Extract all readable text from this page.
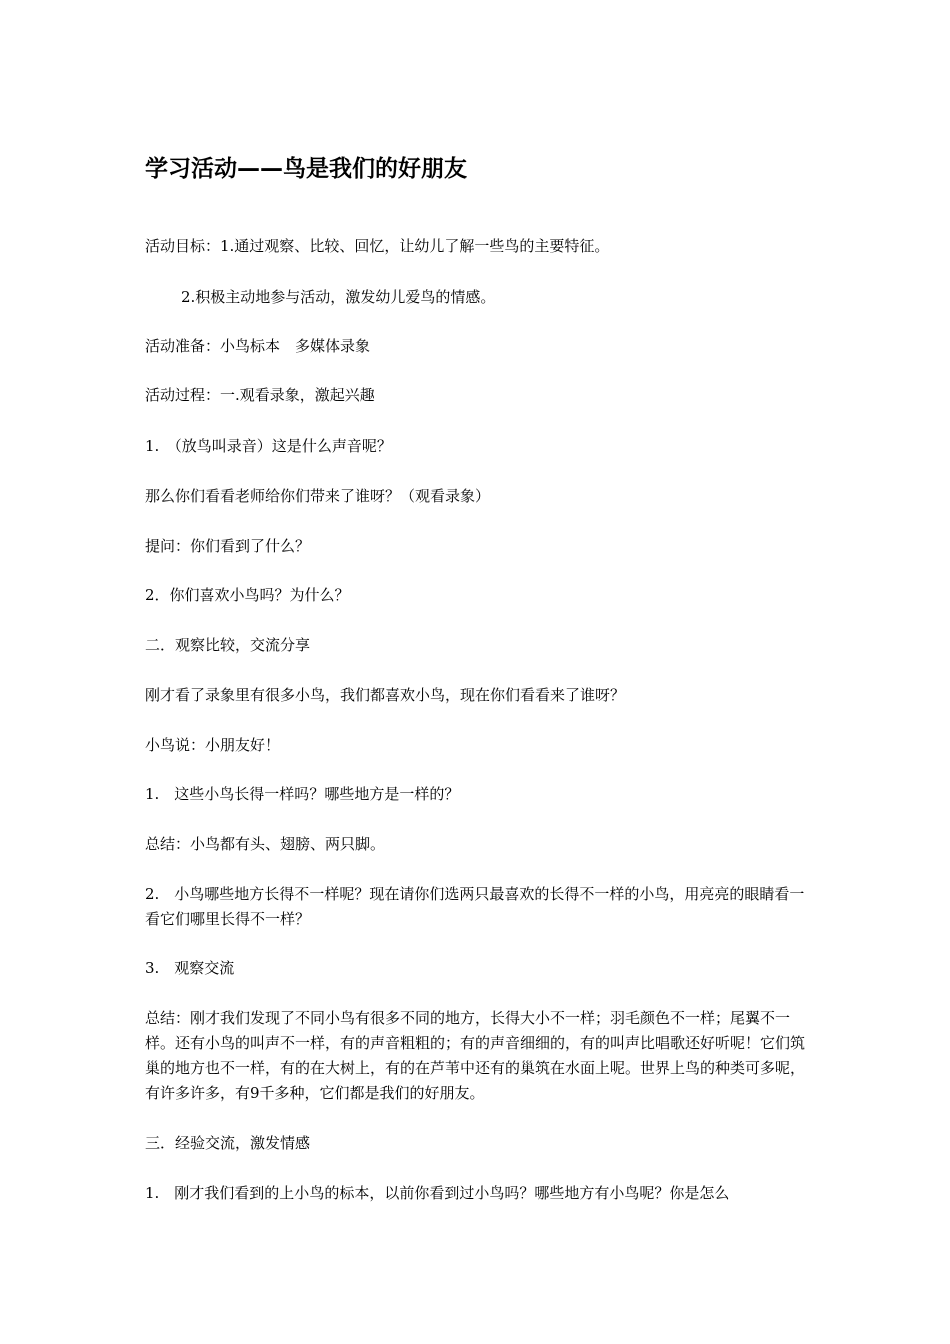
学习活动——鸟是我们的好朋友
活动目标：1.通过观察、比较、回忆，让幼儿了解一些鸟的主要特征。
2.积极主动地参与活动，激发幼儿爱鸟的情感。
活动准备：小鸟标本　多媒体录象
活动过程：一.观看录象，激起兴趣
1.　（放鸟叫录音）这是什么声音呢？
那么你们看看老师给你们带来了谁呀？（观看录象）
提问：你们看到了什么？
2．你们喜欢小鸟吗？为什么？
二．观察比较，交流分享
刚才看了录象里有很多小鸟，我们都喜欢小鸟，现在你们看看来了谁呀？
小鸟说：小朋友好！
1.　这些小鸟长得一样吗？哪些地方是一样的？
总结：小鸟都有头、翅膀、两只脚。
2.　小鸟哪些地方长得不一样呢？现在请你们选两只最喜欢的长得不一样的小鸟，用亮亮的眼睛看一看它们哪里长得不一样？
3.　观察交流
总结：刚才我们发现了不同小鸟有很多不同的地方，长得大小不一样；羽毛颜色不一样；尾翼不一样。还有小鸟的叫声不一样，有的声音粗粗的；有的声音细细的，有的叫声比唱歌还好听呢！它们筑巢的地方也不一样，有的在大树上，有的在芦苇中还有的巢筑在水面上呢。世界上鸟的种类可多呢，有许多许多，有9千多种，它们都是我们的好朋友。
三．经验交流，激发情感
1.　刚才我们看到的上小鸟的标本，以前你看到过小鸟吗？哪些地方有小鸟呢？你是怎么
